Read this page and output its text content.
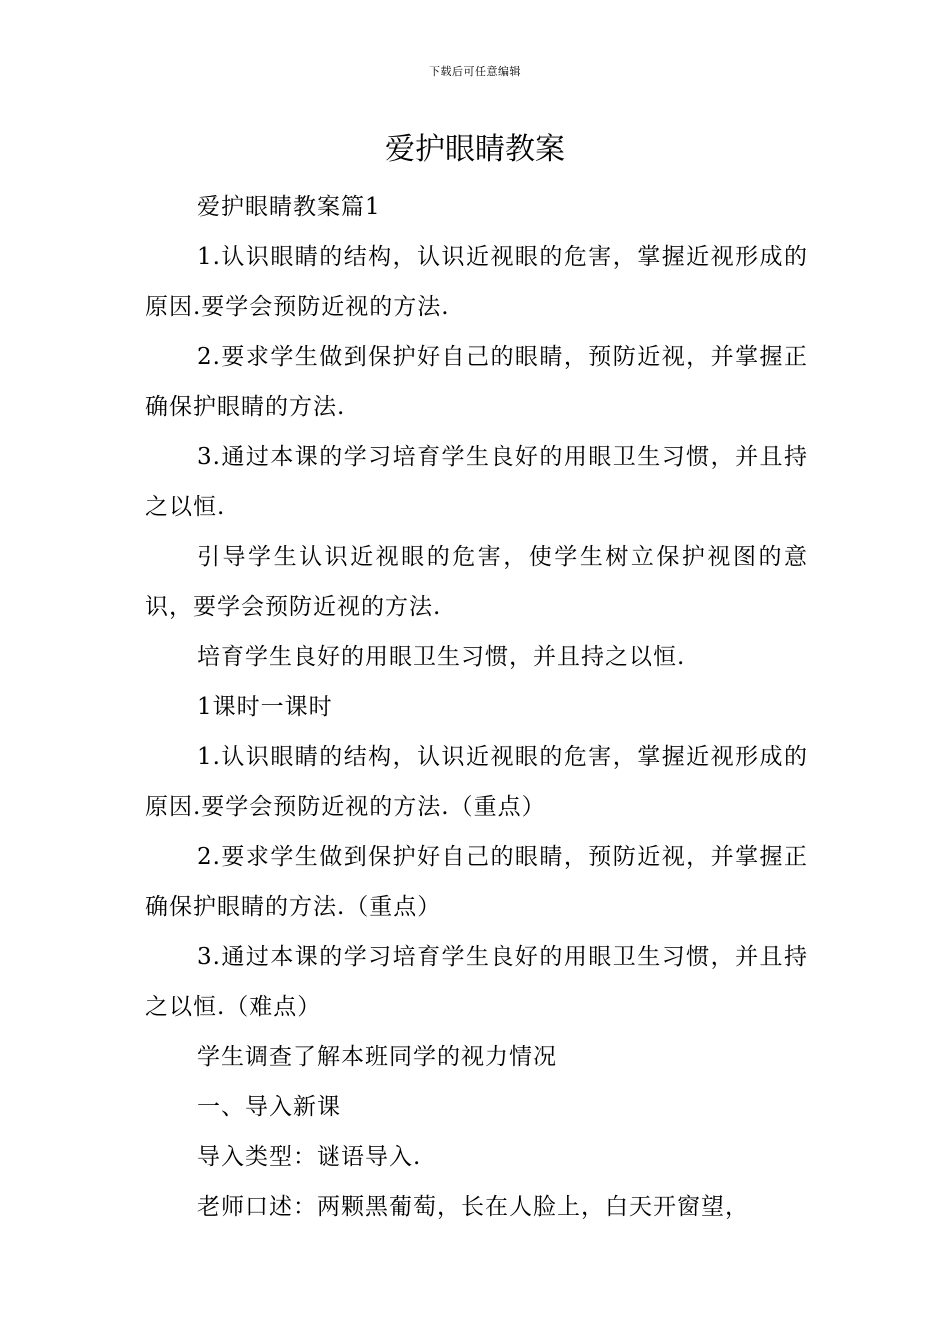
下载后可任意编辑
爱护眼睛教案

爱护眼睛教案篇1

1.认识眼睛的结构，认识近视眼的危害，掌握近视形成的原因.要学会预防近视的方法.

2.要求学生做到保护好自己的眼睛，预防近视，并掌握正确保护眼睛的方法.

3.通过本课的学习培育学生良好的用眼卫生习惯，并且持之以恒.

引导学生认识近视眼的危害，使学生树立保护视图的意识，要学会预防近视的方法.

培育学生良好的用眼卫生习惯，并且持之以恒.

1课时一课时

1.认识眼睛的结构，认识近视眼的危害，掌握近视形成的原因.要学会预防近视的方法.（重点）

2.要求学生做到保护好自己的眼睛，预防近视，并掌握正确保护眼睛的方法.（重点）

3.通过本课的学习培育学生良好的用眼卫生习惯，并且持之以恒.（难点）

学生调查了解本班同学的视力情况

一、导入新课

导入类型：谜语导入.

老师口述：两颗黑葡萄，长在人脸上，白天开窗望，
